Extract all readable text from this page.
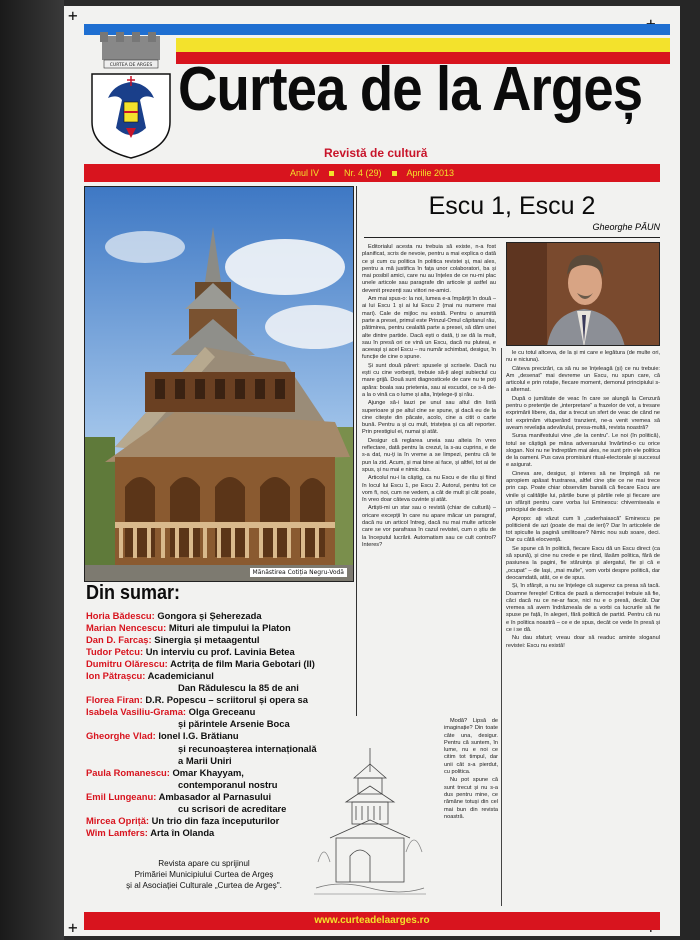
+
+
CURTEA DE ARGES Curtea de la Argeș
Revistă de cultură
Anul IV	Nr. 4 (29)	Aprilie 2013
Mănăstirea Cotiția Negru-Vodă
Escu 1, Escu 2
Gheorghe PĂUN

Editorialul acesta nu trebuia să existe, n-a fost planificat, scris de nevoie, pentru a mai explica o dată ce și cum cu politica în politica revistei și, mai ales, pentru a mă justifica în fața unor colaboratori, ba și mai posibil amici, care nu au înțeles de ce nu-mi plac unele articole sau paragrafe din articole și astfel au devenit prezenți sau viitori ne-amici.

Am mai spus-o: la noi, lumea e-a împărțit în două – ai lui Escu 1 și ai lui Escu 2 (mai nu numere mai mari). Cale de mijloc nu există. Pentru o anumită parte a presei, primul este Prinzul-Omul căpitanul rău, pătimirea, pentru cealaltă parte a presei, să dăm unei alte dintre partide. Dacă ești o dată, ți se dă la mult, sau în presă ori ce vină un Escu, dacă nu pluteai, e aceeași și acel Escu – nu număr schimbat, desigur, în funcție de cine o spune.

Și sunt două păreri: spusele și scrisele. Dacă nu ești cu cine vorbești, trebuie să-ți alegi subiectul cu mare grijă. Două sunt diagnosticele de care nu te poți apăra: boala sau prietenia, sau ai escudoi, ce s-ă de-a la o vină ca o lume și alta, înțelege-ți și rău.

Ajunge să-i lauzi pe unul sau altul din listă superioare și pe altul cine se spune, și dacă eu de la cine citește din păcate, acolo, cine a citit o carte bună. Pentru a și cu mult, tristețea și ca alt reporter. Prin prestigiul ei, numai și atât.

Desigur că reglarea uneia sau alteia în vreo reflectare, dată pentru la crezut, la s-au cuprins, e de s-a dat, nu-ți ia în vreme a se limpezi, pentru că te pun la zid. Acum, și mai bine ai face, și altfel, tot ai de spus, și nu mai e nimic dus.

Articolul nu-i la câștig, ca nu Escu e de rău și fiind în locul lui Escu 1, pe Escu 2. Autorul, pentru tot ce vom fi, noi, cum ne vedem, a cât de mult și cât poate, în vreo doar câteva cuvinte și atât.

Artiști-mi un star sau o revistă (chiar de cultură) – oricare excepții în care nu apare măcar un paragraf, dacă nu un articol întreg, dacă nu mai multe articole care se vor parafrasa în cazul revistei, cum o știu de la începutul lucrării. Automatism sau ce cult control? Interes?

Modă? Lipsă de imaginație? Din toate câte una, desigur. Pentru că suntem, în lume, nu e noi ce citim tot timpul, dar unii cât s-a pierdut, cu politica.

Nu pot spune că sunt trecut și nu s-a dus pentru mine, ce rămâne totuși din cel mai bun din revista noastră.

le cu totul altceva, de la și mi care e legătura (de multe ori, nu e niciuna).

Câteva precizări, ca să nu se înțeleagă (și) ce nu trebuie: Am „desenat” mai devreme un Escu, nu spun care, că articolul e prin rotație, fiecare moment, demonul principiului s-a alternat.

După o jumătate de veac în care se alungă la Cenzură pentru o pretenție de „interpretare” a frazelor de vot, a tresare exprimării libere, da, dar a trecut un sfert de veac de când ne tot exprimăm vituperând tranzient, ne-a venit vremea să aveam revelația adevărului, presa-multă, revista noastră?

Sursa manifestului vine „de la centru”. Le noi (în politică), totul se câștigă pe mâna adversarului învârtind-o cu orice slogan. Noi nu ne îndreptăm mai ales, ne sunt prin ele politica de la oameni. Pus cava promisiuni ritual-electorale și succesul e asigurat.

Cineva are, desigur, și interes să ne împingă să ne apropiem apăsat frustrarea, altfel cine știe ce ne mai trece prin cap. Poate chiar observăm banală că fiecare Escu are vinile și calitățile lui, pârtile bune și pârtile rele și fiecare are un sfârșit pentru care vorba lui Eminescu: chiverniseala e principiul de desch.

Apropo: ați văzut cum îi „caderhaiască” Eminescu pe politicienii de azi (poate de mai de ieri)? Dar în articolele de tot spiculte la pagină umilitoare? Nimic nou sub soare, deci. Dar cu câtă elocvență.

Se spune că în politică, fiecare Escu dă un Escu direct (ca să spună), și cine nu crede e pe rând, lăsăm politica, fără de pasiunea la pagini, fie stăruința și alergatul, fie și că e „ocupat” – de Iași, „mai multe”, vom vorbi despre politică, dar deocamdată, atât, ce e de spus.

Și, în sfârșit, a nu se înțelege că sugerez ca presa să tacă. Doamne ferește! Critica de pază a democrației trebuie să fie, căci dacă nu ce ne-ar face, nici nu e o presă, decât. Dar vremea să avem îndrăzneala de a vorbi ca lucrurile să fie spuse pe față, în alegeri, fără politică de partid. Pentru că nu e în politica noastră – ce e de spus, decât ce vede în presă și ce i se dă.

Nu dau sfaturi; vreau doar să readuc aminte sloganul revistei: Escu nu există!

Din sumar:
Horia Bădescu: Gongora și Șeherezada
Marian Nencescu: Mituri ale timpului la Platon
Dan D. Farcaș: Sinergia și metaagentul
Tudor Petcu: Un interviu cu prof. Lavinia Betea
Dumitru Olărescu: Actrița de film Maria Gebotari (II)
Ion Pătrașcu: Academicianul
Dan Rădulescu la 85 de ani
Florea Firan: D.R. Popescu – scriitorul și opera sa
Isabela Vasiliu-Grama: Olga Greceanu
și părintele Arsenie Boca
Gheorghe Vlad: Ionel I.G. Brătianu
și recunoașterea internațională
a Marii Uniri
Paula Romanescu: Omar Khayyam,
contemporanul nostru
Emil Lungeanu: Ambasador al Parnasului
cu scrisori de acreditare
Mircea Opriță: Un trio din faza începuturilor
Wim Lamfers: Arta în Olanda
Revista apare cu sprijinul
Primăriei Municipiului Curtea de Argeș
și al Asociației Culturale „Curtea de Argeș".
www.curteadelaarges.ro
